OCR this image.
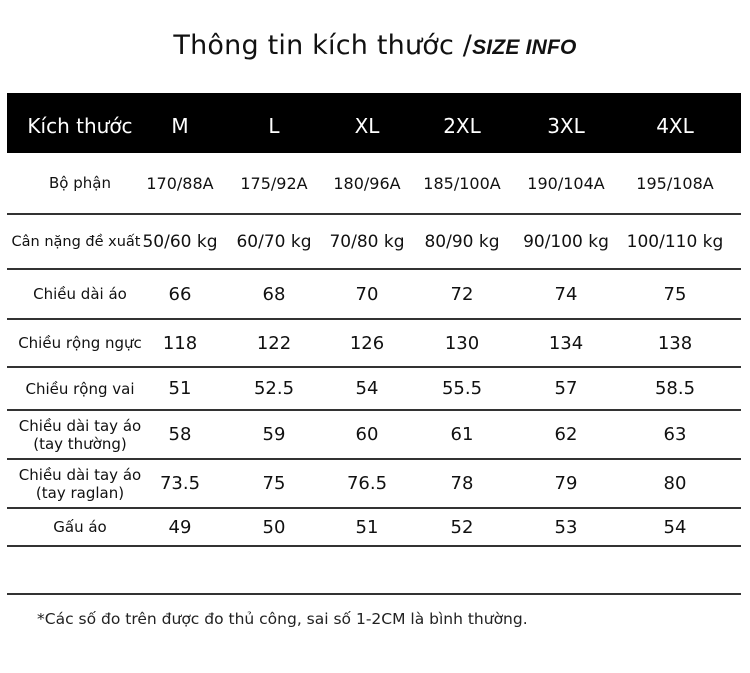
Thông tin kích thước /SIZE INFO
Kích thước	M	L	XL	2XL	3XL	4XL
Bộ phận	170/88A	175/92A	180/96A	185/100A	190/104A	195/108A
Cân nặng đề xuất 50/60 kg	60/70 kg	70/80 kg	80/90 kg	90/100 kg 100/110 kg
Chiều dài áo	66	68	70	72	74	75
Chiều rộng ngực	118	122	126	130	134	138
Chiều rộng vai	51	52.5	54	55.5	57	58.5
Chiều dài tay áo
(tay thường)	58	59	60	61	62	63
Chiều dài tay áo
(tay raglan)	73.5	75	76.5	78	79	80
Gấu áo	49	50	51	52	53	54
*Các số đo trên được đo thủ công, sai số 1-2CM là bình thường.
